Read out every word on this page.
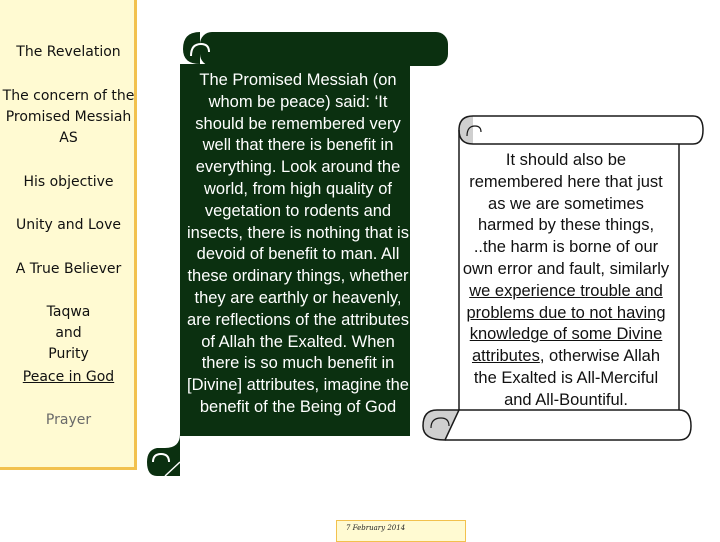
The Revelation
The concern of the Promised Messiah AS
His objective
Unity and Love
A True Believer
Taqwa and Purity
Peace in God
Prayer
The Promised Messiah (on whom be peace) said: ‘It should be remembered very well that there is benefit in everything. Look around the world, from high quality of vegetation to rodents and insects, there is nothing that is devoid of benefit to man. All these ordinary things, whether they are earthly or heavenly, are reflections of the attributes of Allah the Exalted. When there is so much benefit in [Divine] attributes, imagine the benefit of the Being of God
It should also be remembered here that just as we are sometimes harmed by these things, ..the harm is borne of our own error and fault, similarly we experience trouble and problems due to not having knowledge of some Divine attributes, otherwise Allah the Exalted is All-Merciful and All-Bountiful.
7 February 2014
